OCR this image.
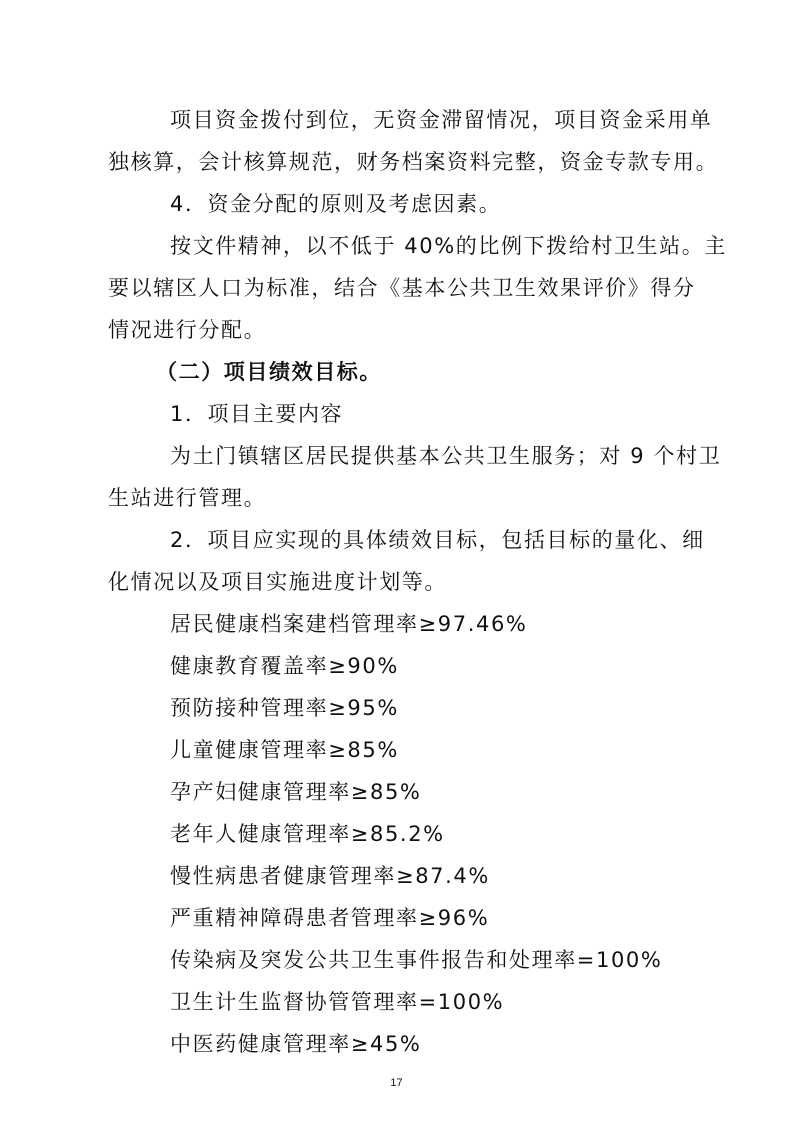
项目资金拨付到位，无资金滞留情况，项目资金采用单
独核算，会计核算规范，财务档案资料完整，资金专款专用。
4．资金分配的原则及考虑因素。
按文件精神，以不低于 40%的比例下拨给村卫生站。主
要以辖区人口为标准，结合《基本公共卫生效果评价》得分
情况进行分配。
（二）项目绩效目标。
1．项目主要内容
为土门镇辖区居民提供基本公共卫生服务；对 9 个村卫
生站进行管理。
2．项目应实现的具体绩效目标，包括目标的量化、细
化情况以及项目实施进度计划等。
居民健康档案建档管理率≥97.46%
健康教育覆盖率≥90%
预防接种管理率≥95%
儿童健康管理率≥85%
孕产妇健康管理率≥85%
老年人健康管理率≥85.2%
慢性病患者健康管理率≥87.4%
严重精神障碍患者管理率≥96%
传染病及突发公共卫生事件报告和处理率=100%
卫生计生监督协管管理率=100%
中医药健康管理率≥45%
17
